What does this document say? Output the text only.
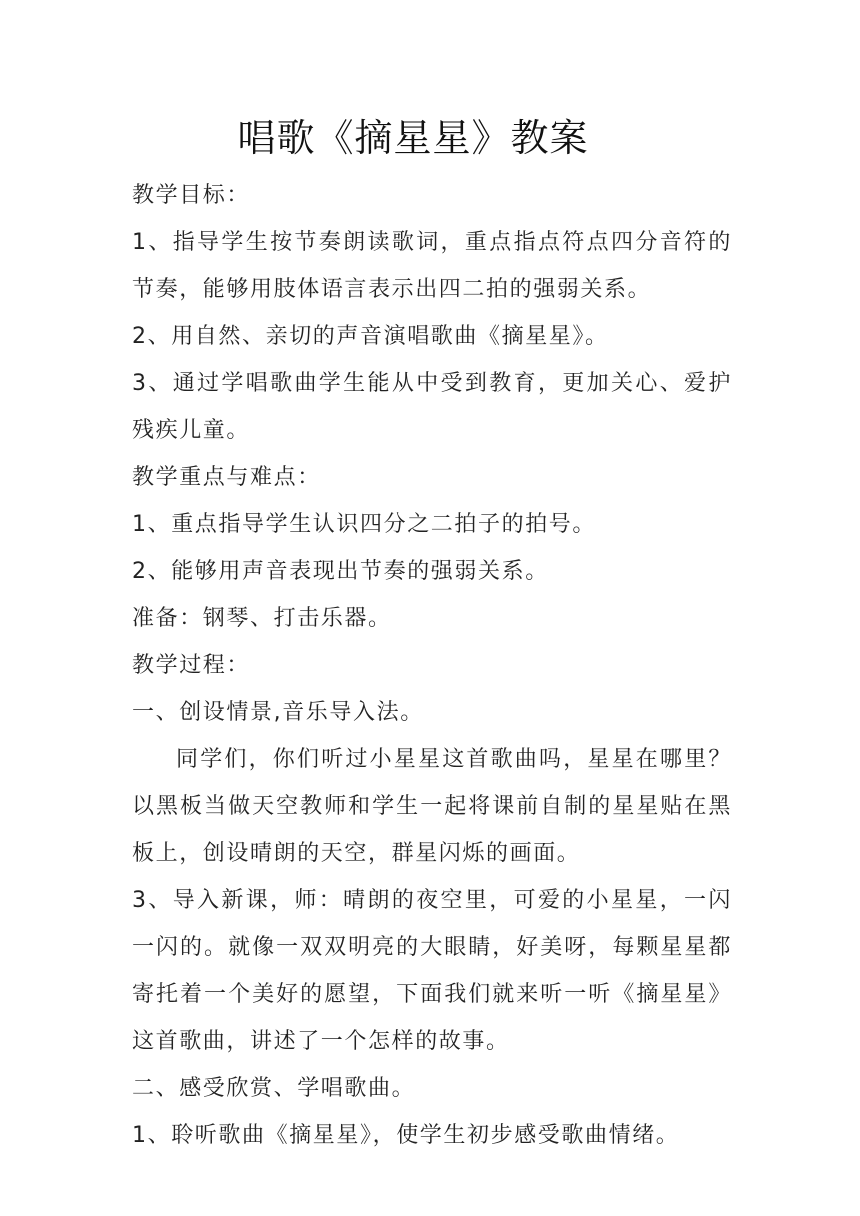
唱歌《摘星星》教案

教学目标：

1、指导学生按节奏朗读歌词，重点指点符点四分音符的节奏，能够用肢体语言表示出四二拍的强弱关系。

2、用自然、亲切的声音演唱歌曲《摘星星》。

3、通过学唱歌曲学生能从中受到教育，更加关心、爱护残疾儿童。

教学重点与难点：

1、重点指导学生认识四分之二拍子的拍号。

2、能够用声音表现出节奏的强弱关系。

准备：钢琴、打击乐器。

教学过程：

一、创设情景,音乐导入法。

同学们，你们听过小星星这首歌曲吗，星星在哪里？以黑板当做天空教师和学生一起将课前自制的星星贴在黑板上，创设晴朗的天空，群星闪烁的画面。

3、导入新课，师：晴朗的夜空里，可爱的小星星，一闪一闪的。就像一双双明亮的大眼睛，好美呀，每颗星星都寄托着一个美好的愿望，下面我们就来听一听《摘星星》这首歌曲，讲述了一个怎样的故事。

二、感受欣赏、学唱歌曲。

1、聆听歌曲《摘星星》，使学生初步感受歌曲情绪。
